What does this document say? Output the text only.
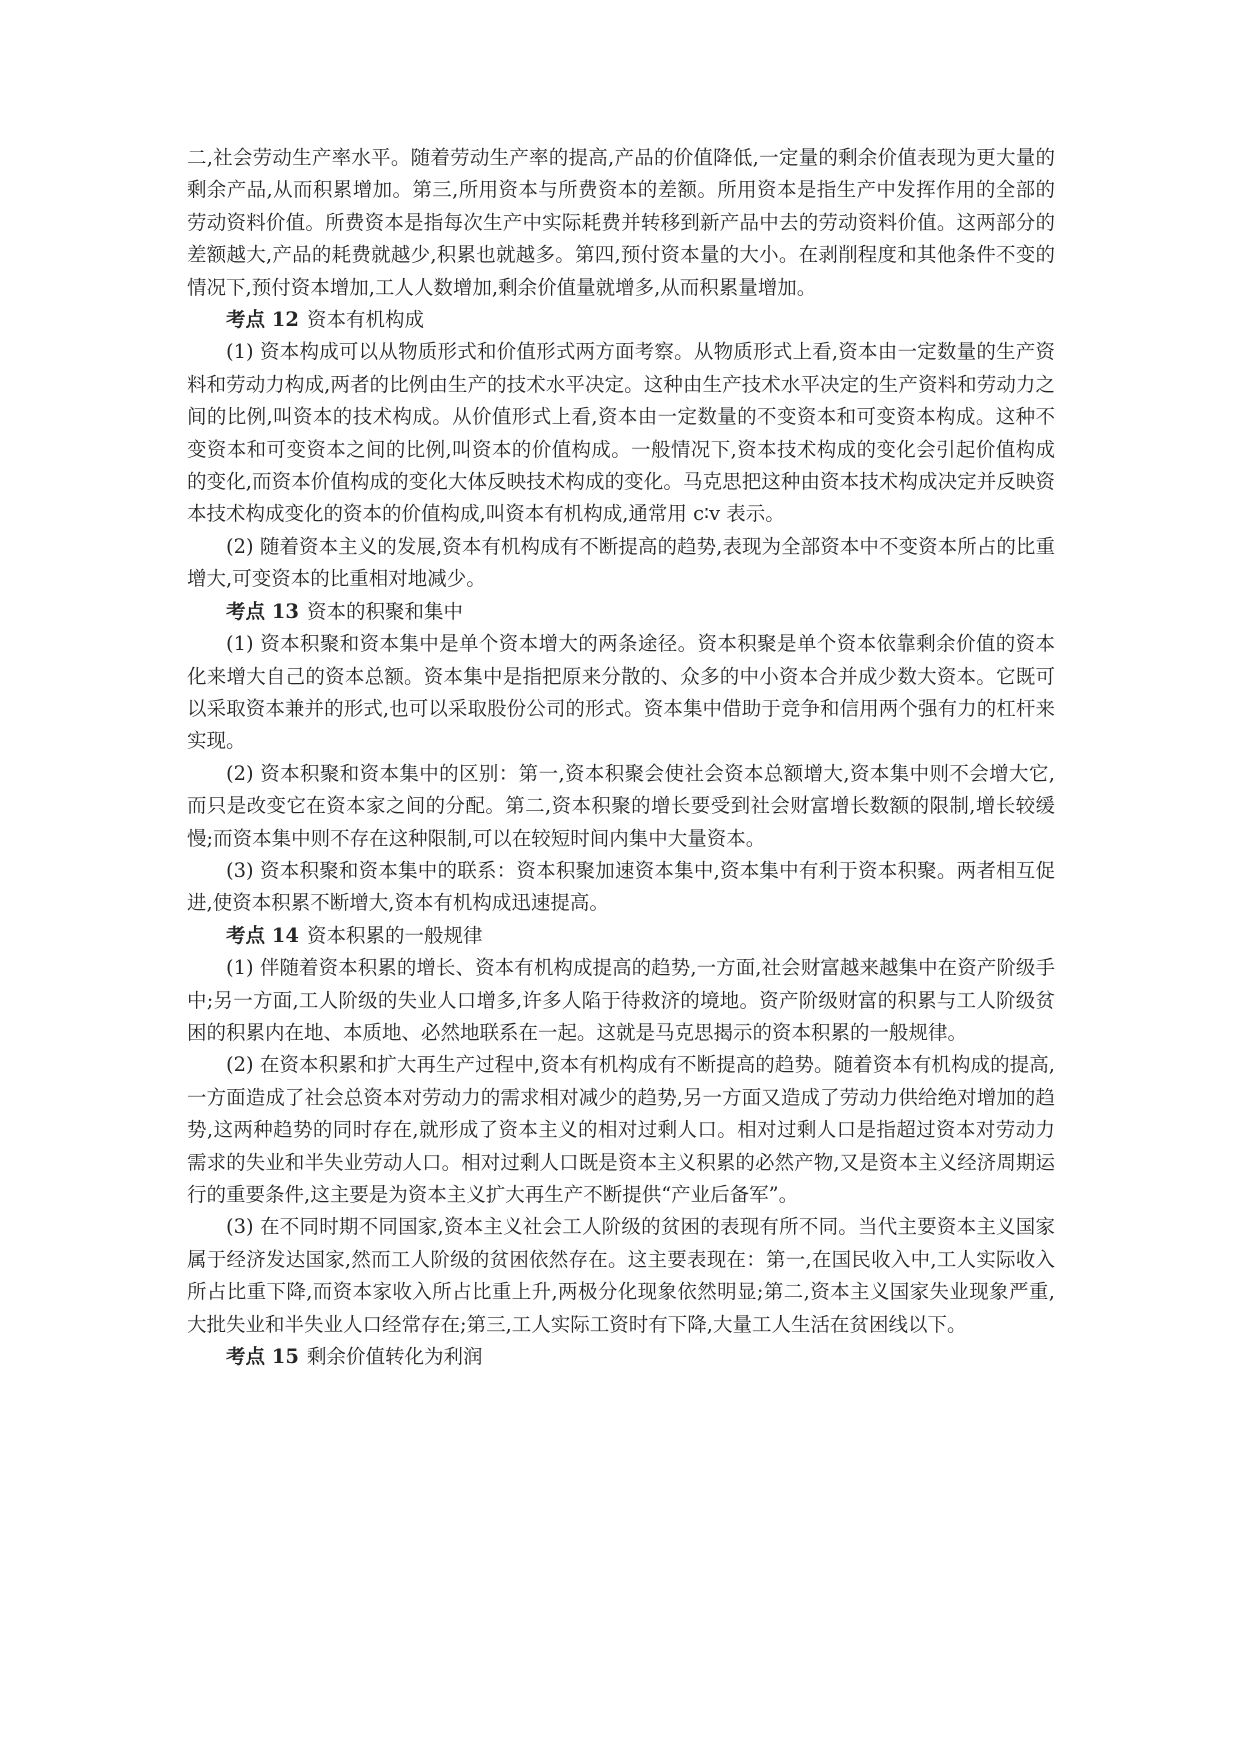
二,社会劳动生产率水平。随着劳动生产率的提高,产品的价值降低,一定量的剩余价值表现为更大量的剩余产品,从而积累增加。第三,所用资本与所费资本的差额。所用资本是指生产中发挥作用的全部的劳动资料价值。所费资本是指每次生产中实际耗费并转移到新产品中去的劳动资料价值。这两部分的差额越大,产品的耗费就越少,积累也就越多。第四,预付资本量的大小。在剥削程度和其他条件不变的情况下,预付资本增加,工人人数增加,剩余价值量就增多,从而积累量增加。

考点 12 资本有机构成

(1) 资本构成可以从物质形式和价值形式两方面考察。从物质形式上看,资本由一定数量的生产资料和劳动力构成,两者的比例由生产的技术水平决定。这种由生产技术水平决定的生产资料和劳动力之间的比例,叫资本的技术构成。从价值形式上看,资本由一定数量的不变资本和可变资本构成。这种不变资本和可变资本之间的比例,叫资本的价值构成。一般情况下,资本技术构成的变化会引起价值构成的变化,而资本价值构成的变化大体反映技术构成的变化。马克思把这种由资本技术构成决定并反映资本技术构成变化的资本的价值构成,叫资本有机构成,通常用 c∶v 表示。

(2) 随着资本主义的发展,资本有机构成有不断提高的趋势,表现为全部资本中不变资本所占的比重增大,可变资本的比重相对地减少。

考点 13 资本的积聚和集中

(1) 资本积聚和资本集中是单个资本增大的两条途径。资本积聚是单个资本依靠剩余价值的资本化来增大自己的资本总额。资本集中是指把原来分散的、众多的中小资本合并成少数大资本。它既可以采取资本兼并的形式,也可以采取股份公司的形式。资本集中借助于竞争和信用两个强有力的杠杆来实现。

(2) 资本积聚和资本集中的区别：第一,资本积聚会使社会资本总额增大,资本集中则不会增大它,而只是改变它在资本家之间的分配。第二,资本积聚的增长要受到社会财富增长数额的限制,增长较缓慢;而资本集中则不存在这种限制,可以在较短时间内集中大量资本。

(3) 资本积聚和资本集中的联系：资本积聚加速资本集中,资本集中有利于资本积聚。两者相互促进,使资本积累不断增大,资本有机构成迅速提高。

考点 14 资本积累的一般规律

(1) 伴随着资本积累的增长、资本有机构成提高的趋势,一方面,社会财富越来越集中在资产阶级手中;另一方面,工人阶级的失业人口增多,许多人陷于待救济的境地。资产阶级财富的积累与工人阶级贫困的积累内在地、本质地、必然地联系在一起。这就是马克思揭示的资本积累的一般规律。

(2) 在资本积累和扩大再生产过程中,资本有机构成有不断提高的趋势。随着资本有机构成的提高,一方面造成了社会总资本对劳动力的需求相对减少的趋势,另一方面又造成了劳动力供给绝对增加的趋势,这两种趋势的同时存在,就形成了资本主义的相对过剩人口。相对过剩人口是指超过资本对劳动力需求的失业和半失业劳动人口。相对过剩人口既是资本主义积累的必然产物,又是资本主义经济周期运行的重要条件,这主要是为资本主义扩大再生产不断提供“产业后备军”。

(3) 在不同时期不同国家,资本主义社会工人阶级的贫困的表现有所不同。当代主要资本主义国家属于经济发达国家,然而工人阶级的贫困依然存在。这主要表现在：第一,在国民收入中,工人实际收入所占比重下降,而资本家收入所占比重上升,两极分化现象依然明显;第二,资本主义国家失业现象严重,大批失业和半失业人口经常存在;第三,工人实际工资时有下降,大量工人生活在贫困线以下。

考点 15 剩余价值转化为利润
